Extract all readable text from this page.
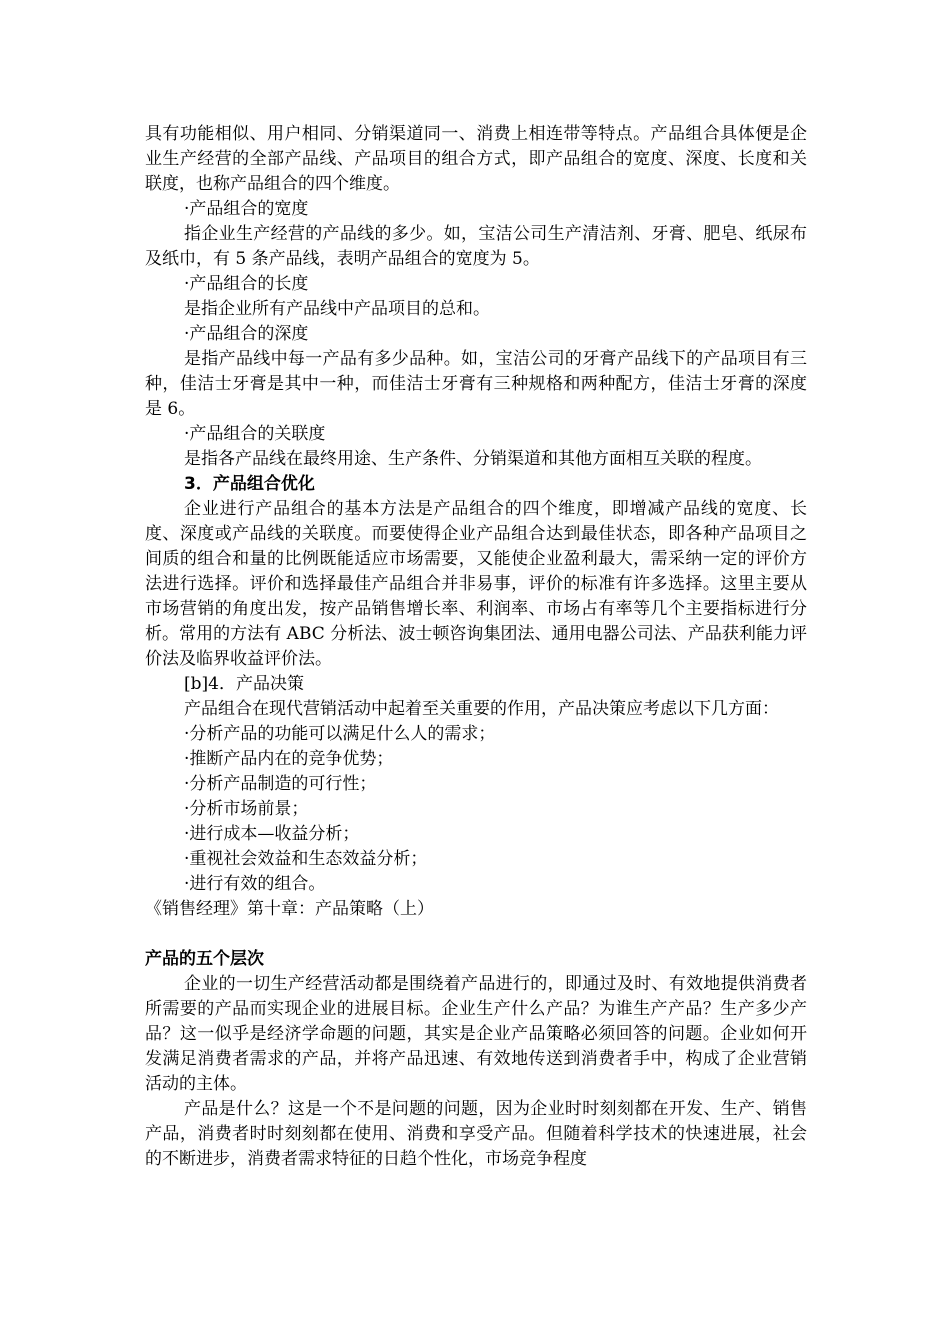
具有功能相似、用户相同、分销渠道同一、消费上相连带等特点。产品组合具体便是企业生产经营的全部产品线、产品项目的组合方式，即产品组合的宽度、深度、长度和关联度，也称产品组合的四个维度。

·产品组合的宽度

指企业生产经营的产品线的多少。如，宝洁公司生产清洁剂、牙膏、肥皂、纸尿布及纸巾，有 5 条产品线，表明产品组合的宽度为 5。

·产品组合的长度

是指企业所有产品线中产品项目的总和。

·产品组合的深度

是指产品线中每一产品有多少品种。如，宝洁公司的牙膏产品线下的产品项目有三种，佳洁士牙膏是其中一种，而佳洁士牙膏有三种规格和两种配方，佳洁士牙膏的深度是 6。

·产品组合的关联度

是指各产品线在最终用途、生产条件、分销渠道和其他方面相互关联的程度。

3．产品组合优化

企业进行产品组合的基本方法是产品组合的四个维度，即增减产品线的宽度、长度、深度或产品线的关联度。而要使得企业产品组合达到最佳状态，即各种产品项目之间质的组合和量的比例既能适应市场需要，又能使企业盈利最大，需采纳一定的评价方法进行选择。评价和选择最佳产品组合并非易事，评价的标准有许多选择。这里主要从市场营销的角度出发，按产品销售增长率、利润率、市场占有率等几个主要指标进行分析。常用的方法有 ABC 分析法、波士顿咨询集团法、通用电器公司法、产品获利能力评价法及临界收益评价法。

[b]4．产品决策

产品组合在现代营销活动中起着至关重要的作用，产品决策应考虑以下几方面：

·分析产品的功能可以满足什么人的需求；

·推断产品内在的竞争优势；

·分析产品制造的可行性；

·分析市场前景；

·进行成本—收益分析；

·重视社会效益和生态效益分析；

·进行有效的组合。

《销售经理》第十章：产品策略（上）

产品的五个层次

企业的一切生产经营活动都是围绕着产品进行的，即通过及时、有效地提供消费者所需要的产品而实现企业的进展目标。企业生产什么产品？为谁生产产品？生产多少产品？这一似乎是经济学命题的问题，其实是企业产品策略必须回答的问题。企业如何开发满足消费者需求的产品，并将产品迅速、有效地传送到消费者手中，构成了企业营销活动的主体。

产品是什么？这是一个不是问题的问题，因为企业时时刻刻都在开发、生产、销售产品，消费者时时刻刻都在使用、消费和享受产品。但随着科学技术的快速进展，社会的不断进步，消费者需求特征的日趋个性化，市场竞争程度
